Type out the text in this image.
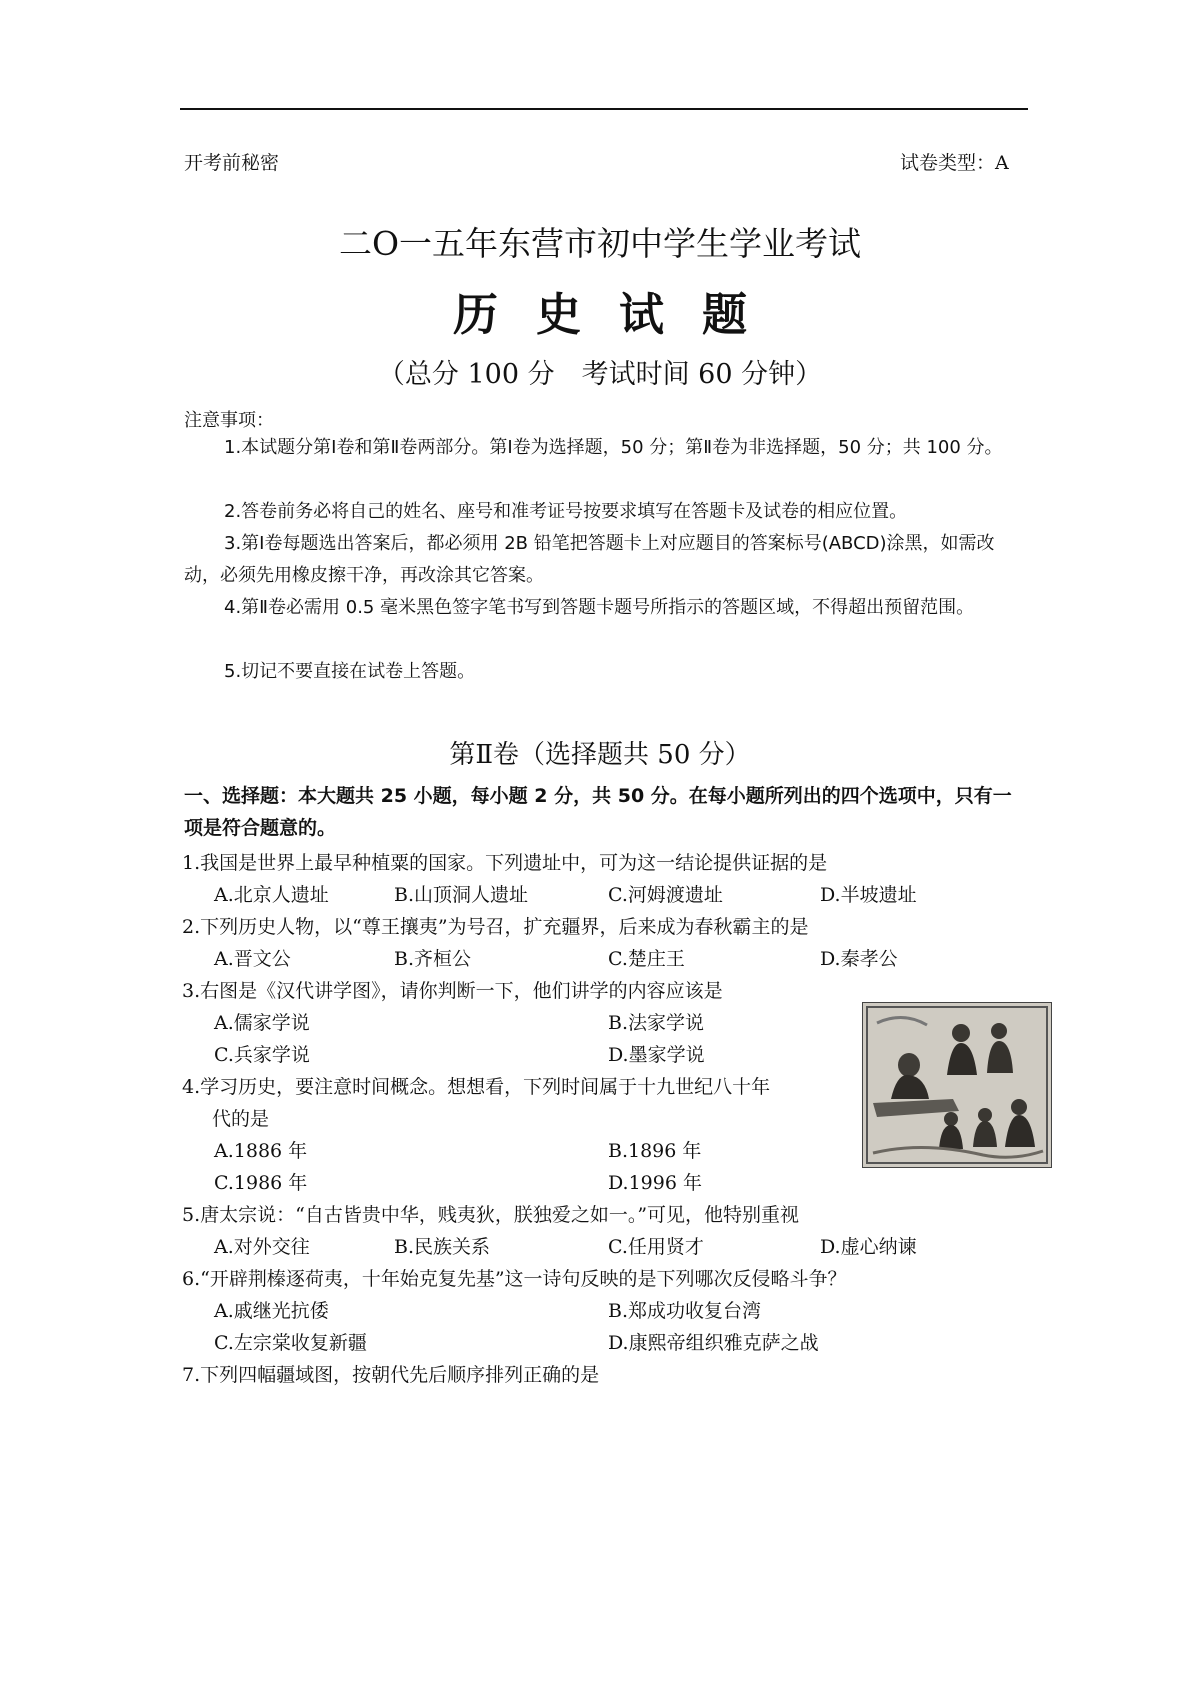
开考前秘密	试卷类型：A
二O一五年东营市初中学生学业考试
历史试题
（总分 100 分　考试时间 60 分钟）
注意事项：
1.本试题分第Ⅰ卷和第Ⅱ卷两部分。第Ⅰ卷为选择题，50 分；第Ⅱ卷为非选择题，50 分；共 100 分。
2.答卷前务必将自己的姓名、座号和准考证号按要求填写在答题卡及试卷的相应位置。
3.第Ⅰ卷每题选出答案后，都必须用 2B 铅笔把答题卡上对应题目的答案标号(ABCD)涂黑，如需改动，必须先用橡皮擦干净，再改涂其它答案。
4.第Ⅱ卷必需用 0.5 毫米黑色签字笔书写到答题卡题号所指示的答题区域，不得超出预留范围。
5.切记不要直接在试卷上答题。
第Ⅱ卷（选择题共 50 分）
一、选择题：本大题共 25 小题，每小题 2 分，共 50 分。在每小题所列出的四个选项中，只有一项是符合题意的。
1.我国是世界上最早种植粟的国家。下列遗址中，可为这一结论提供证据的是
A.北京人遗址	B.山顶洞人遗址	C.河姆渡遗址	D.半坡遗址
2.下列历史人物，以“尊王攘夷”为号召，扩充疆界，后来成为春秋霸主的是
A.晋文公	B.齐桓公	C.楚庄王	D.秦孝公
3.右图是《汉代讲学图》，请你判断一下，他们讲学的内容应该是
A.儒家学说	B.法家学说
C.兵家学说	D.墨家学说
4.学习历史，要注意时间概念。想想看，下列时间属于十九世纪八十年
代的是
A.1886 年	B.1896 年
C.1986 年	D.1996 年
5.唐太宗说：“自古皆贵中华，贱夷狄，朕独爱之如一。”可见，他特别重视
A.对外交往	B.民族关系	C.任用贤才	D.虚心纳谏
6.“开辟荆榛逐荷夷，十年始克复先基”这一诗句反映的是下列哪次反侵略斗争？
A.戚继光抗倭	B.郑成功收复台湾
C.左宗棠收复新疆	D.康熙帝组织雅克萨之战
7.下列四幅疆域图，按朝代先后顺序排列正确的是
